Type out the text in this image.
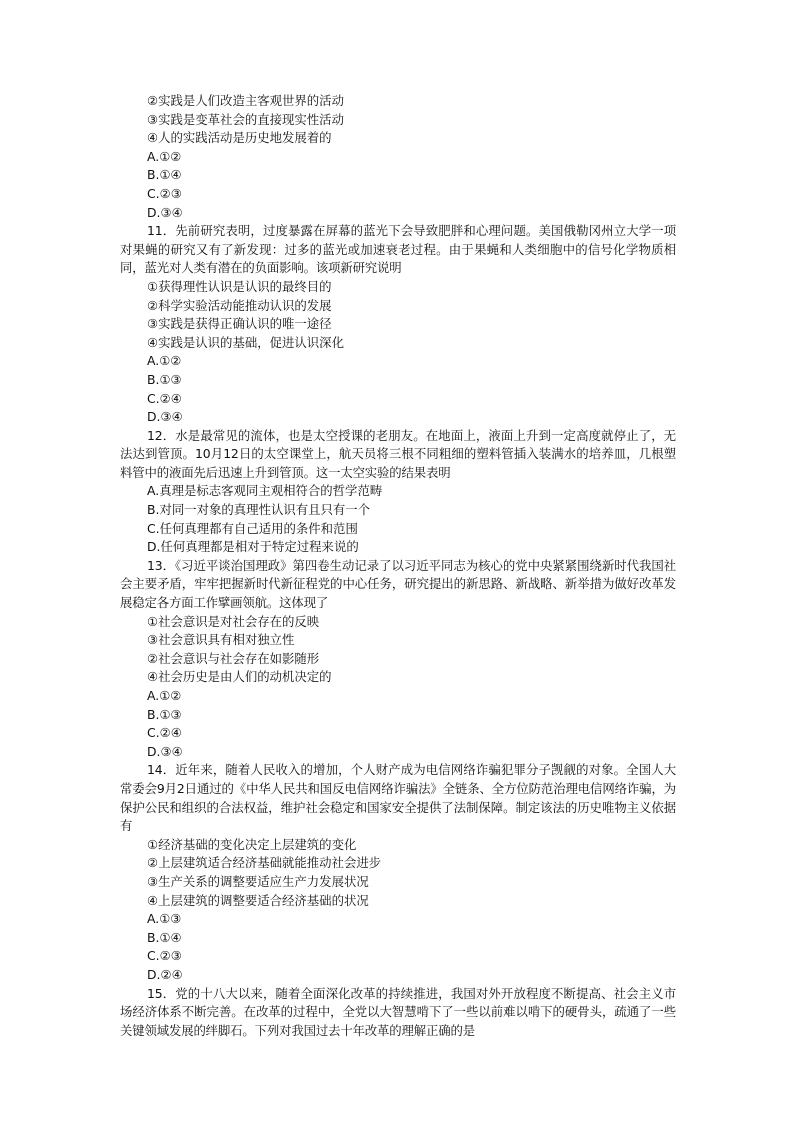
②实践是人们改造主客观世界的活动
③实践是变革社会的直接现实性活动
④人的实践活动是历史地发展着的
A.①②
B.①④
C.②③
D.③④
11．先前研究表明，过度暴露在屏幕的蓝光下会导致肥胖和心理问题。美国俄勒冈州立大学一项对果蝇的研究又有了新发现：过多的蓝光或加速衰老过程。由于果蝇和人类细胞中的信号化学物质相同，蓝光对人类有潜在的负面影响。该项新研究说明
①获得理性认识是认识的最终目的
②科学实验活动能推动认识的发展
③实践是获得正确认识的唯一途径
④实践是认识的基础，促进认识深化
A.①②
B.①③
C.②④
D.③④
12．水是最常见的流体，也是太空授课的老朋友。在地面上，液面上升到一定高度就停止了，无法达到管顶。10月12日的太空课堂上，航天员将三根不同粗细的塑料管插入装满水的培养皿，几根塑料管中的液面先后迅速上升到管顶。这一太空实验的结果表明
A.真理是标志客观同主观相符合的哲学范畴
B.对同一对象的真理性认识有且只有一个
C.任何真理都有自己适用的条件和范围
D.任何真理都是相对于特定过程来说的
13．《习近平谈治国理政》第四卷生动记录了以习近平同志为核心的党中央紧紧围绕新时代我国社会主要矛盾，牢牢把握新时代新征程党的中心任务，研究提出的新思路、新战略、新举措为做好改革发展稳定各方面工作擘画领航。这体现了
①社会意识是对社会存在的反映
③社会意识具有相对独立性
②社会意识与社会存在如影随形
④社会历史是由人们的动机决定的
A.①②
B.①③
C.②④
D.③④
14．近年来，随着人民收入的增加，个人财产成为电信网络诈骗犯罪分子觊觎的对象。全国人大常委会9月2日通过的《中华人民共和国反电信网络诈骗法》全链条、全方位防范治理电信网络诈骗，为保护公民和组织的合法权益，维护社会稳定和国家安全提供了法制保障。制定该法的历史唯物主义依据有
①经济基础的变化决定上层建筑的变化
②上层建筑适合经济基础就能推动社会进步
③生产关系的调整要适应生产力发展状况
④上层建筑的调整要适合经济基础的状况
A.①③
B.①④
C.②③
D.②④
15．党的十八大以来，随着全面深化改革的持续推进，我国对外开放程度不断提高、社会主义市场经济体系不断完善。在改革的过程中，全党以大智慧啃下了一些以前难以啃下的硬骨头，疏通了一些关键领域发展的绊脚石。下列对我国过去十年改革的理解正确的是
